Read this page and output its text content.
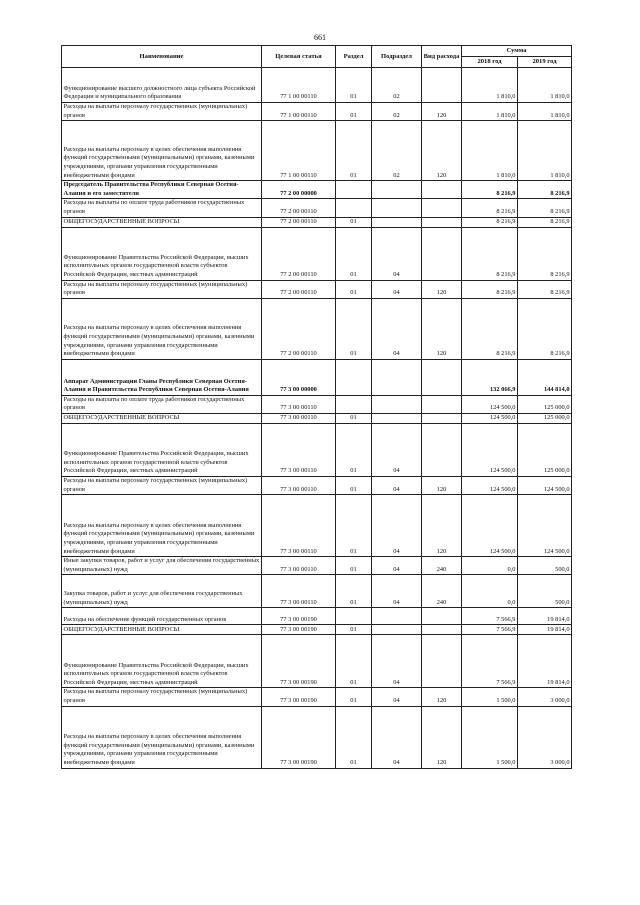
661
Наименование	Целевая статья	Раздел	Подраздел	Вид расхода	Сумма	
					2018 год	2019 год
Функционирование высшего должностного лица субъекта Российской Федерации и муниципального образования	77 1 00 00110	01	02		1 810,0	1 810,0
Расходы на выплаты персоналу государственных (муниципальных) органов	77 1 00 00110	01	02	120	1 810,0	1 810,0
Расходы на выплаты персоналу в целях обеспечения выполнения функций государственными (муниципальными) органами, казенными учреждениями, органами управления государственными внебюджетными фондами	77 1 00 00110	01	02	120	1 810,0	1 810,0
Председатель Правительства Республики Северная Осетия-Алания и его заместители	77 2 00 00000				8 216,9	8 216,9
Расходы на выплаты по оплате труда работников государственных органов	77 2 00 00110				8 216,9	8 216,9
ОБЩЕГОСУДАРСТВЕННЫЕ ВОПРОСЫ	77 2 00 00110	01			8 216,9	8 216,9
Функционирование Правительства Российской Федерации, высших исполнительных органов государственной власти субъектов Российской Федерации, местных администраций	77 2 00 00110	01	04		8 216,9	8 216,9
Расходы на выплаты персоналу государственных (муниципальных) органов	77 2 00 00110	01	04	120	8 216,9	8 216,9
Расходы на выплаты персоналу в целях обеспечения выполнения функций государственными (муниципальными) органами, казенными учреждениями, органами управления государственными внебюджетными фондами	77 2 00 00110	01	04	120	8 216,9	8 216,9
Аппарат Администрации Главы Республики Северная Осетия-Алания и Правительства Республики Северная Осетия-Алания	77 3 00 00000				132 066,9	144 814,0
Расходы на выплаты по оплате труда работников государственных органов	77 3 00 00110				124 500,0	125 000,0
ОБЩЕГОСУДАРСТВЕННЫЕ ВОПРОСЫ	77 3 00 00110	01			124 500,0	125 000,0
Функционирование Правительства Российской Федерации, высших исполнительных органов государственной власти субъектов Российской Федерации, местных администраций	77 3 00 00110	01	04		124 500,0	125 000,0
Расходы на выплаты персоналу государственных (муниципальных) органов	77 3 00 00110	01	04	120	124 500,0	124 500,0
Расходы на выплаты персоналу в целях обеспечения выполнения функций государственными (муниципальными) органами, казенными учреждениями, органами управления государственными внебюджетными фондами	77 3 00 00110	01	04	120	124 500,0	124 500,0
Иные закупки товаров, работ и услуг для обеспечения государственных (муниципальных) нужд	77 3 00 00110	01	04	240	0,0	500,0
Закупка товаров, работ и услуг для обеспечения государственных (муниципальных) нужд	77 3 00 00110	01	04	240	0,0	500,0
Расходы на обеспечение функций государственных органов	77 3 00 00190				7 566,9	19 814,0
ОБЩЕГОСУДАРСТВЕННЫЕ ВОПРОСЫ	77 3 00 00190	01			7 566,9	19 814,0
Функционирование Правительства Российской Федерации, высших исполнительных органов государственной власти субъектов Российской Федерации, местных администраций	77 3 00 00190	01	04		7 566,9	19 814,0
Расходы на выплаты персоналу государственных (муниципальных) органов	77 3 00 00190	01	04	120	1 500,0	3 000,0
Расходы на выплаты персоналу в целях обеспечения выполнения функций государственными (муниципальными) органами, казенными учреждениями, органами управления государственными внебюджетными фондами	77 3 00 00190	01	04	120	1 500,0	3 000,0
